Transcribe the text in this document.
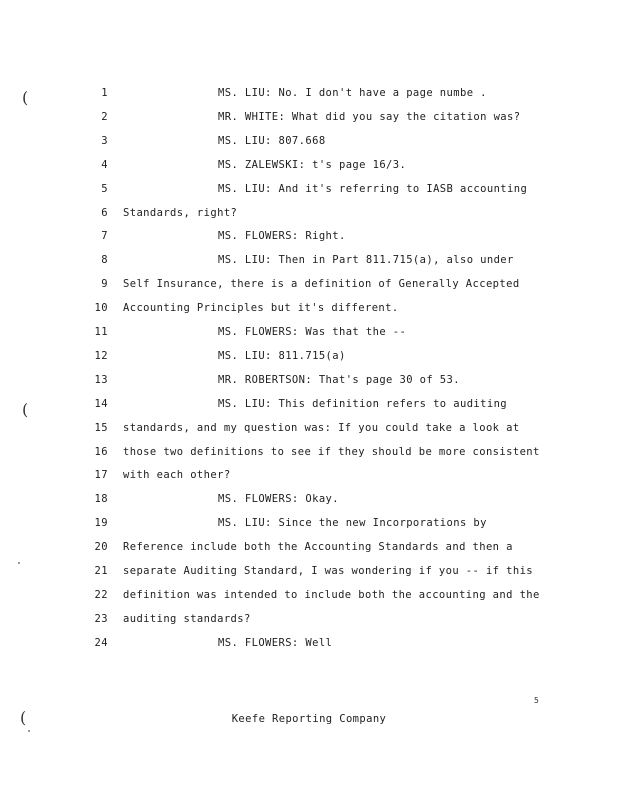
(
(
(
1	MS. LIU: No. I don't have a page numbe .
2	MR. WHITE: What did you say the citation was?
3	MS. LIU: 807.668
4	MS. ZALEWSKI: t's page 16/3.
5	MS. LIU: And it's referring to IASB accounting
6 Standards, right?
7	MS. FLOWERS: Right.
8	MS. LIU: Then in Part 811.715(a), also under
9 Self Insurance, there is a definition of Generally Accepted
10 Accounting Principles but it's different.
11	MS. FLOWERS: Was that the --
12	MS. LIU: 811.715(a)
13	MR. ROBERTSON: That's page 30 of 53.
14	MS. LIU: This definition refers to auditing
15 standards, and my question was: If you could take a look at
16 those two definitions to see if they should be more consistent
17 with each other?
18	MS. FLOWERS: Okay.
19	MS. LIU: Since the new Incorporations by
20 Reference include both the Accounting Standards and then a
21 separate Auditing Standard, I was wondering if you -- if this
22 definition was intended to include both the accounting and the
23 auditing standards?
24	MS. FLOWERS: Well
5
Keefe Reporting Company
